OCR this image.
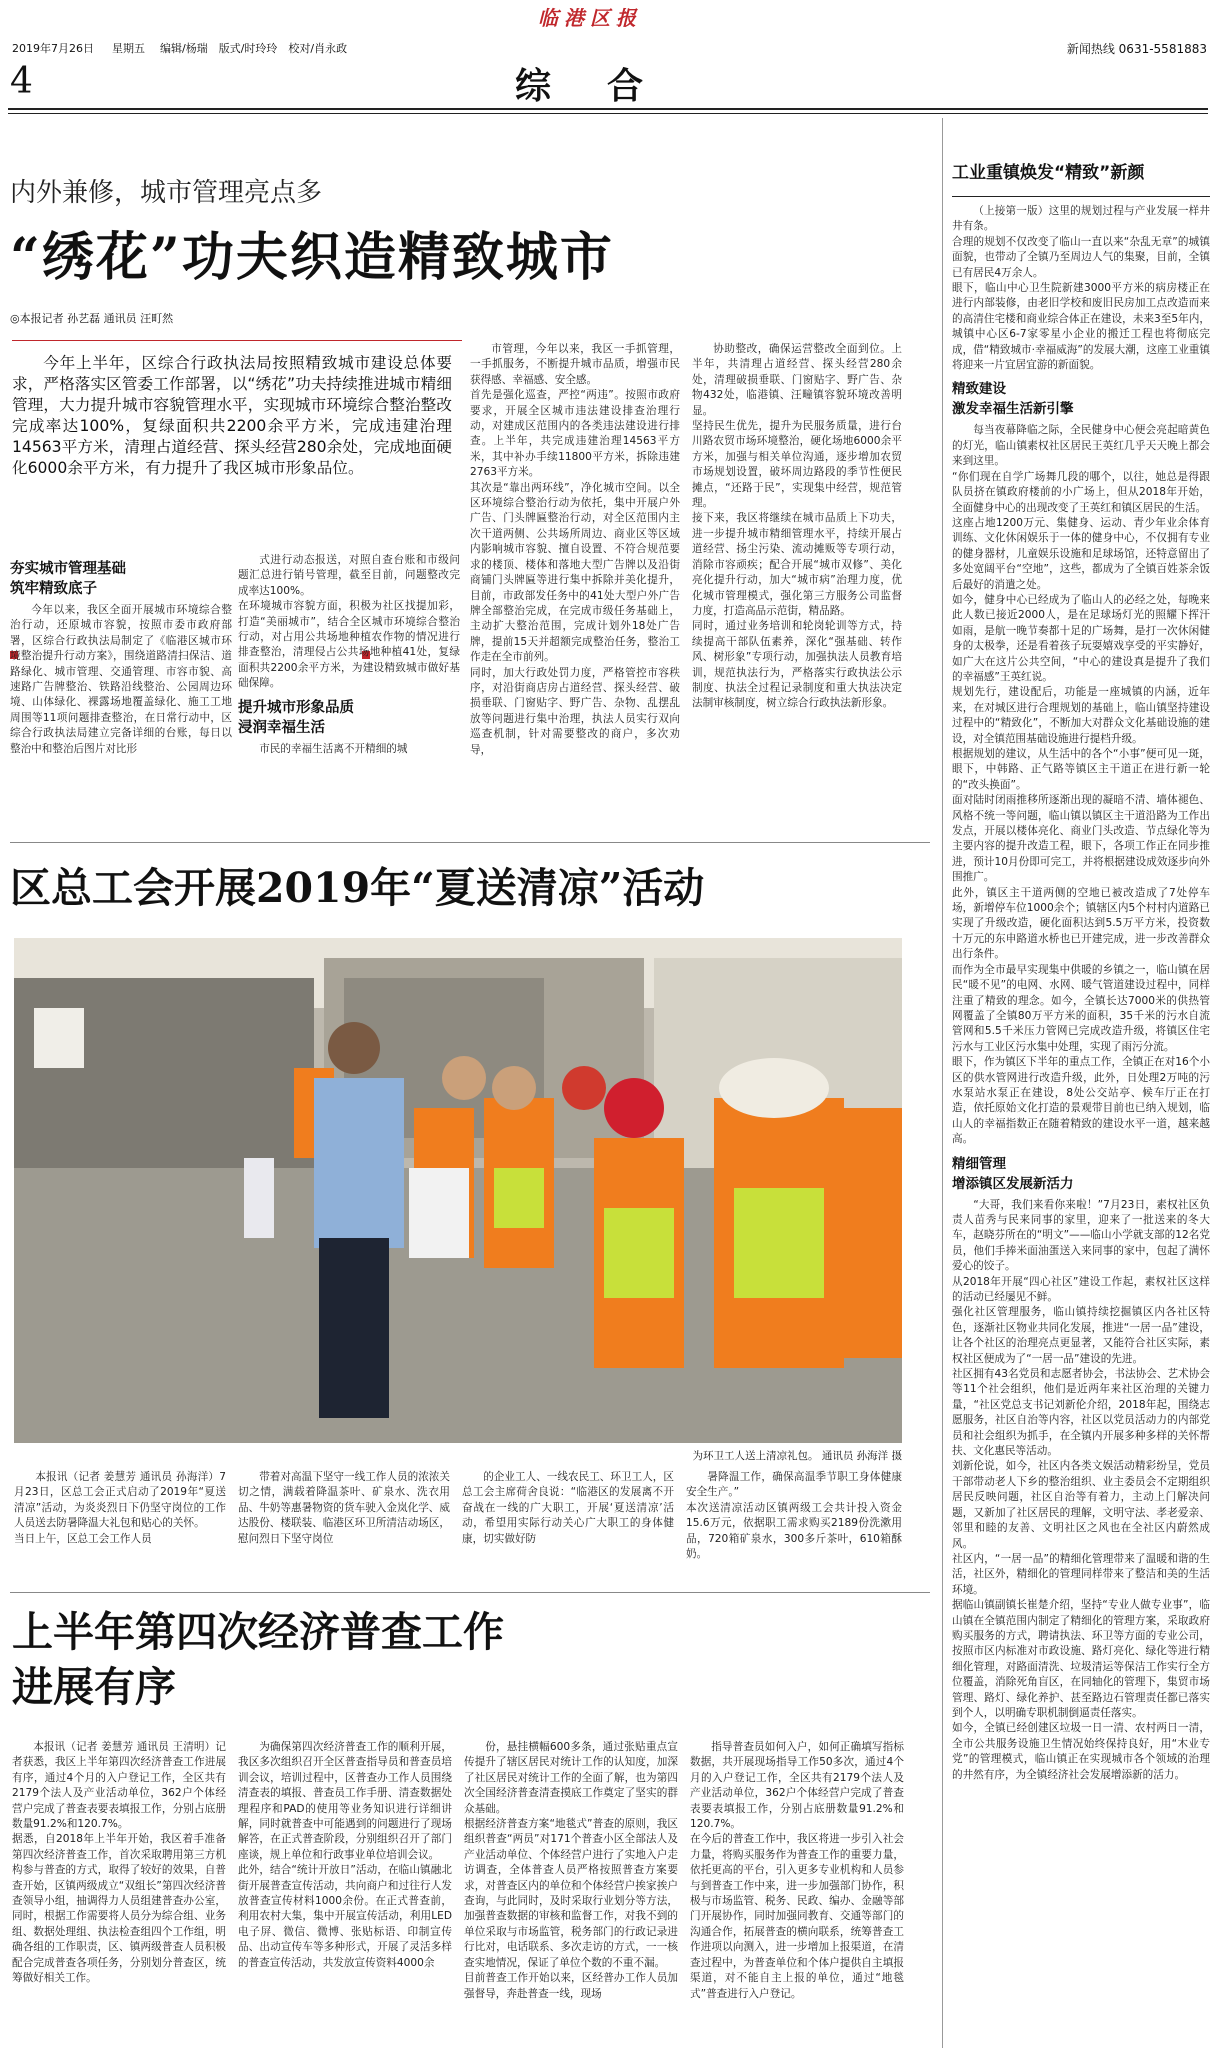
临港区报
2019年7月26日 星期五 编辑/杨瑞　版式/时玲玲　校对/肖永政	新闻热线 0631-5581883
4	综　合
内外兼修，城市管理亮点多
“绣花”功夫织造精致城市
◎本报记者 孙艺磊 通讯员 汪町然
今年上半年，区综合行政执法局按照精致城市建设总体要求，严格落实区管委工作部署，以“绣花”功夫持续推进城市精细管理，大力提升城市容貌管理水平，实现城市环境综合整治整改完成率达100%，复绿面积共2200余平方米，完成违建治理14563平方米，清理占道经营、探头经营280余处，完成地面硬化6000余平方米，有力提升了我区城市形象品位。
夯实城市管理基础
筑牢精致底子

今年以来，我区全面开展城市环境综合整治行动，还原城市容貌，按照市委市政府部署，区综合行政执法局制定了《临港区城市环境整治提升行动方案》，围绕道路清扫保洁、道路绿化、城市管理、交通管理、市容市貌、高速路广告牌整治、铁路沿线整治、公园周边环境、山体绿化、裸露场地覆盖绿化、施工工地周围等11项问题排查整治，在日常行动中，区综合行政执法局建立完备详细的台账，每日以整治中和整治后图片对比形

式进行动态报送，对照自查台账和市级问题汇总进行销号管理，截至目前，问题整改完成率达100%。
在环境城市容貌方面，积极为社区找提加彩，打造“美丽城市”，结合全区城市环境综合整治行动，对占用公共场地种植农作物的情况进行排查整治，清理侵占公共场地种植41处，复绿面积共2200余平方米，为建设精致城市做好基础保障。

提升城市形象品质
浸润幸福生活

市民的幸福生活离不开精细的城

市管理，今年以来，我区一手抓管理，一手抓服务，不断提升城市品质，增强市民获得感、幸福感、安全感。
首先是强化巡查，严控“两违”。按照市政府要求，开展全区城市违法建设排查治理行动，对建成区范围内的各类违法建设进行排查。上半年，共完成违建治理14563平方米，其中补办手续11800平方米，拆除违建2763平方米。
其次是“靠出两环线”，净化城市空间。以全区环境综合整治行动为依托，集中开展户外广告、门头牌匾整治行动，对全区范围内主次干道两侧、公共场所周边、商业区等区域内影响城市容貌、擅自设置、不符合规范要求的楼顶、楼体和落地大型广告牌以及沿街商铺门头牌匾等进行集中拆除并美化提升，目前，市政部发任务中的41处大型户外广告牌全部整治完成，在完成市级任务基础上，主动扩大整治范围，完成计划外18处广告牌，提前15天并超额完成整治任务，整治工作走在全市前列。
同时，加大行政处罚力度，严格管控市容秩序，对沿街商店房占道经营、探头经营、破损垂联、门窗贴字、野广告、杂物、乱摆乱放等问题进行集中治理，执法人员实行双向巡查机制，针对需要整改的商户，多次劝导，

协助整改，确保运营整改全面到位。上半年，共清理占道经营、探头经营280余处，清理破损垂联、门窗贴字、野广告、杂物432处，临港镇、汪疃镇容貌环境改善明显。
坚持民生优先，提升为民服务质量，进行台川路农贸市场环境整治，硬化场地6000余平方米，加强与相关单位沟通，逐步增加农贸市场规划设置，破坏周边路段的季节性便民摊点，“还路于民”，实现集中经营，规范管理。
接下来，我区将继续在城市品质上下功夫，进一步提升城市精细管理水平，持续开展占道经营、扬尘污染、流动摊贩等专项行动，消除市容顽疾；配合开展“城市双修”、美化亮化提升行动，加大“城市病”治理力度，优化城市管理模式，强化第三方服务公司监督力度，打造高品示范街，精品路。
同时，通过业务培训和轮岗轮训等方式，持续提高干部队伍素养，深化“强基础、转作风、树形象”专项行动，加强执法人员教育培训，规范执法行为，严格落实行政执法公示制度、执法全过程记录制度和重大执法决定法制审核制度，树立综合行政执法新形象。

工业重镇焕发“精致”新颜

（上接第一版）这里的规划过程与产业发展一样井井有条。
合理的规划不仅改变了临山一直以来“杂乱无章”的城镇面貌，也带动了全镇乃至周边人气的集聚，目前，全镇已有居民4万余人。
眼下，临山中心卫生院新建3000平方米的病房楼正在进行内部装修，由老旧学校和废旧民房加工点改造而来的高清住宅楼和商业综合体正在建设，未来3至5年内，城镇中心区6-7家零星小企业的搬迁工程也将彻底完成，借“精致城市·幸福威海”的发展大潮，这座工业重镇将迎来一片宜居宜游的新面貌。

精致建设
激发幸福生活新引擎

每当夜幕降临之际，全民健身中心便会亮起暗黄色的灯光，临山镇素权社区居民王英红几乎天天晚上都会来到这里。
“你们现在自学广场舞几段的哪个，以往，她总是得跟队员挤在镇政府楼前的小广场上，但从2018年开始，全面健身中心的出现改变了王英红和镇区居民的生活。
这座占地1200万元、集健身、运动、青少年业余体育训练、文化休闲娱乐于一体的健身中心，不仅拥有专业的健身器材，儿童娱乐设施和足球场馆，还特意留出了多处宽阔平台“空地”，这些，都成为了全镇百姓茶余饭后最好的消遣之处。
如今，健身中心已经成为了临山人的必经之处，每晚来此人数已接近2000人，是在足球场灯光的照耀下挥汗如雨，是航一晚节奏都十足的广场舞，是打一次休闲健身的太极拳，还是看着孩子玩耍嬉戏享受的平实静好，如广大在这片公共空间，“中心的建设真是提升了我们的幸福感”王英红说。
规划先行，建设配后，功能是一座城镇的内涵，近年来，在对城区进行合理规划的基础上，临山镇坚持建设过程中的“精致化”，不断加大对群众文化基础设施的建设，对全镇范围基础设施进行提档升级。
根据规划的建议，从生活中的各个“小事”便可见一斑，眼下，中韩路、正气路等镇区主干道正在进行新一轮的“改头换面”。
面对陆时闭雨推移所逐渐出现的凝暗不清、墙体褪色、风格不统一等问题，临山镇以镇区主干道沿路为工作出发点，开展以楼体亮化、商业门头改造、节点绿化等为主要内容的提升改造工程，眼下，各项工作正在同步推进，预计10月份即可完工，并将根据建设成效逐步向外围推广。
此外，镇区主干道两侧的空地已被改造成了7处停车场，新增停车位1000余个；镇辖区内5个村村内道路已实现了升级改造，硬化面积达到5.5万平方米，投资数十万元的东申路道水桥也已开建完成，进一步改善群众出行条件。
而作为全市最早实现集中供暖的乡镇之一，临山镇在居民“暖不见”的电网、水网、暖气管道建设过程中，同样注重了精致的理念。如今，全镇长达7000米的供热管网覆盖了全镇80万平方米的面积，35千米的污水自流管网和5.5千米压力管网已完成改造升级，将镇区住宅污水与工业区污水集中处理，实现了雨污分流。
眼下，作为镇区下半年的重点工作，全镇正在对16个小区的供水管网进行改造升级，此外，日处理2万吨的污水泵站水泵正在建设，8处公交站亭、候车厅正在打造，依托原始文化打造的景观带目前也已纳入规划，临山人的幸福指数正在随着精致的建设水平一道，越来越高。

精细管理
增添镇区发展新活力

“大哥，我们来看你来啦！”7月23日，素权社区负责人苗秀与民来同事的家里，迎来了一批送来的冬大车，赵晓芬所在的“明文”——临山小学就支部的12名党员，他们手捧米面油蛋送入来同事的家中，包起了满怀爱心的饺子。
从2018年开展“四心社区”建设工作起，素权社区这样的活动已经屡见不鲜。
强化社区管理服务，临山镇持续挖掘镇区内各社区特色，逐渐社区物业共同化发展，推进“一居一品”建设，让各个社区的治理亮点更显著，又能符合社区实际，素权社区便成为了“一居一品”建设的先进。
社区拥有43名党员和志愿者协会，书法协会、艺术协会等11个社会组织，他们是近两年来社区治理的关键力量，“社区党总支书记刘新伦介绍，2018年起，围绕志愿服务，社区自治等内容，社区以党员活动力的内部党员和社会组织为抓手，在全镇内开展多种多样的关怀帮扶、文化惠民等活动。
刘新伦说，如今，社区内各类文娱活动精彩纷呈，党员干部带动老人下乡的整治组织、业主委员会不定期组织居民反映问题，社区自治等有着力，主动上门解决问题，又新加了社区居民的理解，文明守法、孝老爱亲、邻里和睦的友善、文明社区之风也在全社区内蔚然成风。
社区内，“一居一品”的精细化管理带来了温暖和谐的生活，社区外，精细化的管理同样带来了整洁和美的生活环境。
据临山镇副镇长崔楚介绍，坚持“专业人做专业事”，临山镇在全镇范围内制定了精细化的管理方案，采取政府购买服务的方式，聘请执法、环卫等方面的专业公司，按照市区内标准对市政设施、路灯亮化、绿化等进行精细化管理，对路面清洗、垃圾清运等保洁工作实行全方位覆盖，消除死角盲区，在同轴化的管理下，集贸市场管理、路灯、绿化养护、甚至路边石管理责任都已落实到个人，以明确专职机制倒逼责任落实。
如今，全镇已经创建区垃圾一日一清、农村两日一清，全市公共服务设施卫生情况始终保持良好，用“木业专党”的管理模式，临山镇正在实现城市各个领域的治理的井然有序，为全镇经济社会发展增添新的活力。

区总工会开展2019年“夏送清凉”活动
为环卫工人送上清凉礼包。 通讯员 孙海洋 摄

本报讯（记者 姜慧芳 通讯员 孙海洋）7月23日，区总工会正式启动了2019年“夏送清凉”活动，为炎炎烈日下仍坚守岗位的工作人员送去防暑降温大礼包和贴心的关怀。
当日上午，区总工会工作人员

带着对高温下坚守一线工作人员的浓浓关切之情，满载着降温茶叶、矿泉水、洗衣用品、牛奶等惠暑物资的货车驶入金岚化学、威达股份、楼联装、临港区环卫所清洁动场区，慰问烈日下坚守岗位

的企业工人、一线农民工、环卫工人，区总工会主席荷舍良说：“临港区的发展离不开奋战在一线的广大职工，开展‘夏送清凉’活动，希望用实际行动关心广大职工的身体健康，切实做好防

暑降温工作，确保高温季节职工身体健康安全生产。”
本次送清凉活动区镇两级工会共计投入资金15.6万元，依据职工需求购买2189份洗漱用品，720箱矿泉水，300多斤茶叶，610箱酥奶。

上半年第四次经济普查工作
进展有序

本报讯（记者 姜慧芳 通讯员 王清明）记者获悉，我区上半年第四次经济普查工作进展有序，通过4个月的入户登记工作，全区共有2179个法人及产业活动单位，362户个体经营户完成了普查表要表填报工作，分别占底册数量91.2%和120.7%。
据悉，自2018年上半年开始，我区着手准备第四次经济普查工作，首次采取聘用第三方机构参与普查的方式，取得了较好的效果，自普查开始，区镇两级成立“双组长”第四次经济普查领导小组，抽调得力人员组建普查办公室，同时，根据工作需要将人员分为综合组、业务组、数据处理组、执法检查组四个工作组，明确各组的工作职责，区、镇两级普查人员积极配合完成普查各项任务，分别划分普查区，统筹做好相关工作。

为确保第四次经济普查工作的顺利开展，我区多次组织召开全区普查指导员和普查员培训会议，培训过程中，区普查办工作人员围绕清查表的填报、普查员工作手册、清查数据处理程序和PAD的使用等业务知识进行详细讲解，同时就普查中可能遇到的问题进行了现场解答，在正式普查阶段，分别组织召开了部门座谈，规上单位和行政事业单位培训会议。
此外，结合“统计开放日”活动，在临山镇融北街开展普查宣传活动，共向商户和过往行人发放普查宣传材料1000余份。在正式普查前，利用农村大集，集中开展宣传活动，利用LED电子屏、微信、微博、张贴标语、印制宣传品、出动宣传车等多种形式，开展了灵活多样的普查宣传活动，共发放宣传资料4000余

份，悬挂横幅600多条，通过张贴重点宣传提升了辖区居民对统计工作的认知度，加深了社区居民对统计工作的全面了解，也为第四次全国经济普查清查摸底工作奠定了坚实的群众基础。
根据经济普查方案“地毯式”普查的原则，我区组织普查“两员”对171个普查小区全部法人及产业活动单位、个体经营户进行了实地入户走访调查，全体普查人员严格按照普查方案要求，对普查区内的单位和个体经营户挨家挨户查询，与此同时，及时采取行业划分等方法，加强普查数据的审核和监督工作，对我不到的单位采取与市场监管，税务部门的行政记录进行比对，电话联系、多次走访的方式，一一核查实地情况，保证了单位个数的不重不漏。
目前普查工作开始以来，区经普办工作人员加强督导，奔赴普查一线，现场

指导普查员如何入户，如何正确填写指标数据，共开展现场指导工作50多次，通过4个月的入户登记工作，全区共有2179个法人及产业活动单位，362户个体经营户完成了普查表要表填报工作，分别占底册数量91.2%和120.7%。
在今后的普查工作中，我区将进一步引入社会力量，将购买服务作为普查工作的重要力量，依托更高的平台，引入更多专业机构和人员参与到普查工作中来，进一步加强部门协作，积极与市场监管、税务、民政、编办、金融等部门开展协作，同时加强同教育、交通等部门的沟通合作，拓展普查的横向联系，统筹普查工作进项以向测入，进一步增加上报渠道，在清查过程中，为普查单位和个体户提供自主填报渠道，对不能自主上报的单位，通过“地毯式”普查进行入户登记。
